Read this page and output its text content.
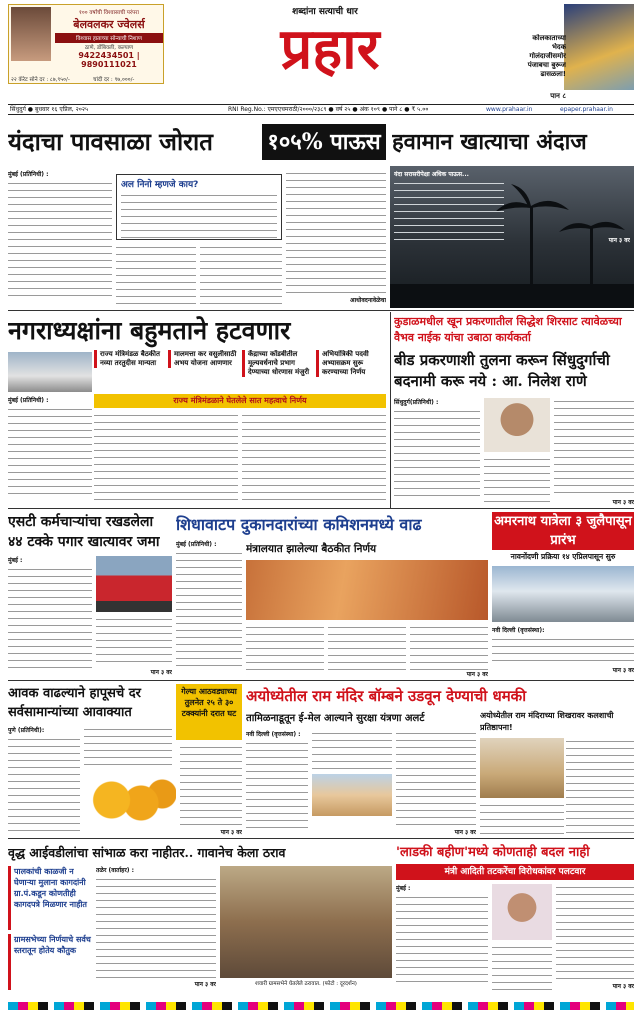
१०० वर्षांची विश्वासाची परंपरा
बेलवलकर ज्वेलर्स
विश्वास हाताच्या सोन्याची निशाण
ठाणे, डोंबिवली, कल्याण
9422434501 | 9890111021
२२ कॅरेट सोने दर : ८७,९५०/-	चांदी दर : ९७,०००/-
शब्दांना सत्याची धार
प्रहार	कोलकाताच्या
भेदक
गोलंदाजीसमोर
पंजाबचा बुरूज
ढासळला!
पान ८
सिंधुदुर्ग ● बुधवार १६ एप्रिल, २०२५	RNI Reg.No.: एमएएचमराठी/२०००/२३८९ ● वर्ष २५ ● अंक १०९ ● पाने ८ ● ₹ ५.००	www.prahaar.in	epaper.prahaar.in
यंदाचा पावसाळा जोरात	१०५% पाऊस हवामान खात्याचा अंदाज
मुंबई (प्रतिनिधी) :
अल निनो म्हणजे काय?
आधोवदनावेळेचा
यंदा सरासरीपेक्षा अधिक पाऊस...
पान ३ वर
नगराध्यक्षांना बहुमताने हटवणार
राज्य मंत्रिमंडळ बैठकीत नव्या तरतुदीस मान्यता
मालमत्ता कर वसुलीसाठी अभय योजना आणणार
केंद्राच्या कोंडबीतील मूल्यवर्धनाचे प्रभाग देण्याच्या धोरणास मंजुरी
अभियांत्रिकी पदवी अभ्यासक्रम सुरू करण्याच्या निर्णय
राज्य मंत्रिमंडळाने घेतलेले सात महत्वाचे निर्णय
मुंबई (प्रतिनिधी) :
कुडाळमधील खून प्रकरणातील सिद्धेश शिरसाट त्यावेळच्या वैभव नाईक यांचा उबाठा कार्यकर्ता
बीड प्रकरणाशी तुलना करून सिंधुदुर्गाची बदनामी करू नये : आ. निलेश राणे
सिंधुदुर्ग(प्रतिनिधी) :
पान ३ वर
एसटी कर्मचाऱ्यांचा रखडलेला ४४ टक्के पगार खात्यावर जमा
मुंबई :
पान ३ वर
शिधावाटप दुकानदारांच्या कमिशनमध्ये वाढ
मंत्रालयात झालेल्या बैठकीत निर्णय
मुंबई (प्रतिनिधी) :
पान ३ वर
अमरनाथ यात्रेला ३ जुलैपासून प्रारंभ
नावनोंदणी प्रक्रिया १४ एप्रिलपासून सुरु
नवी दिल्ली (वृत्तसंस्था):
पान ३ वर
आवक वाढल्याने हापूसचे दर सर्वसामान्यांच्या आवाक्यात
गेल्या आठवड्याच्या तुलनेत २५ ते ३० टक्क्यांनी दरात घट
पुणे (प्रतिनिधी):
पान ३ वर
अयोध्येतील राम मंदिर बॉम्बने उडवून देण्याची धमकी
तामिळनाडूतून ई-मेल आल्याने सुरक्षा यंत्रणा अलर्ट
नवी दिल्ली (वृत्तसंस्था) :
पान ३ वर
अयोध्येतील राम मंदिराच्या शिखरावर कलशाची प्रतिष्ठापना!
वृद्ध आईवडीलांचा सांभाळ करा नाहीतर.. गावानेच केला ठराव
पालकांची काळजी न घेणाऱ्या मुलाना कागदांनी ग्रा.पं.कडून कोणतीही कागदपत्रे मिळणार नाहीत
ग्रामसभेच्या निर्णयाचे सर्वच स्तरातून होतेय कौतुक
तळेर (वार्ताहर) :
पान ३ वर	शवारी ग्रामसभेने घेतलेले ठरावात. (फोटो : दूरदर्शन)
'लाडकी बहीण'मध्ये कोणताही बदल नाही
मंत्री आदिती तटकरेंचा विरोधकांवर पलटवार
मुंबई :
पान ३ वर
